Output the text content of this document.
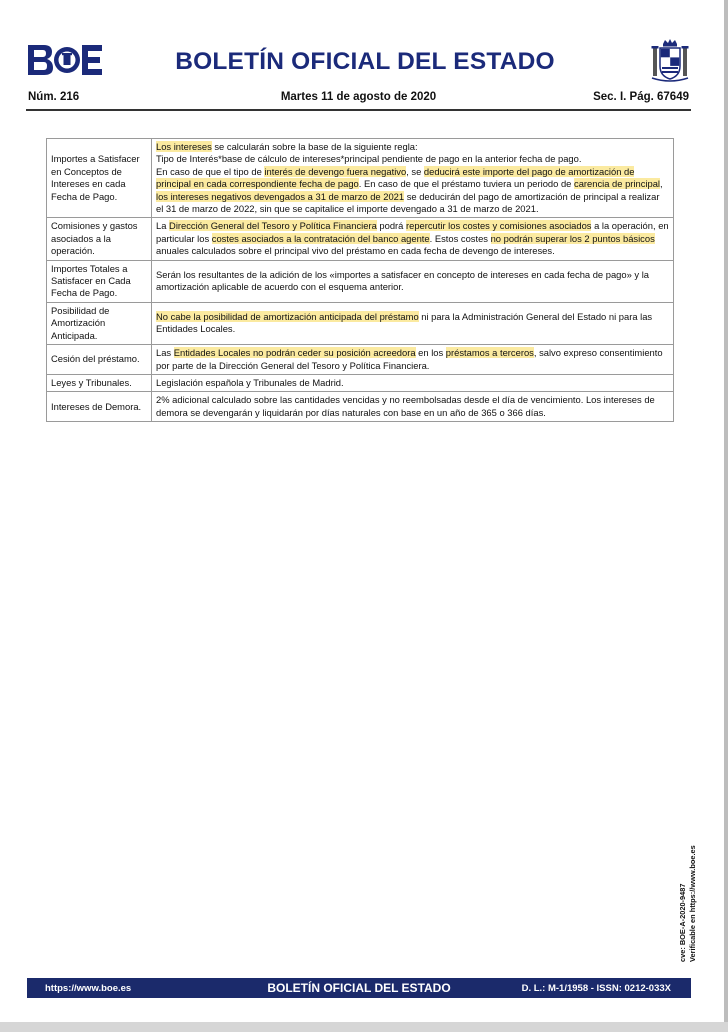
BOLETÍN OFICIAL DEL ESTADO
Núm. 216	Martes 11 de agosto de 2020	Sec. I. Pág. 67649
Importes a Satisfacer en Conceptos de Intereses en cada Fecha de Pago.	Los intereses se calcularán sobre la base de la siguiente regla:
Tipo de Interés*base de cálculo de intereses*principal pendiente de pago en la anterior fecha de pago.
En caso de que el tipo de interés de devengo fuera negativo, se deducirá este importe del pago de amortización de principal en cada correspondiente fecha de pago. En caso de que el préstamo tuviera un periodo de carencia de principal, los intereses negativos devengados a 31 de marzo de 2021 se deducirán del pago de amortización de principal a realizar el 31 de marzo de 2022, sin que se capitalice el importe devengado a 31 de marzo de 2021.
Comisiones y gastos asociados a la operación.	La Dirección General del Tesoro y Política Financiera podrá repercutir los costes y comisiones asociados a la operación, en particular los costes asociados a la contratación del banco agente. Estos costes no podrán superar los 2 puntos básicos anuales calculados sobre el principal vivo del préstamo en cada fecha de devengo de intereses.
Importes Totales a Satisfacer en Cada Fecha de Pago.	Serán los resultantes de la adición de los «importes a satisfacer en concepto de intereses en cada fecha de pago» y la amortización aplicable de acuerdo con el esquema anterior.
Posibilidad de Amortización Anticipada.	No cabe la posibilidad de amortización anticipada del préstamo ni para la Administración General del Estado ni para las Entidades Locales.
Cesión del préstamo.	Las Entidades Locales no podrán ceder su posición acreedora en los préstamos a terceros, salvo expreso consentimiento por parte de la Dirección General del Tesoro y Política Financiera.
Leyes y Tribunales.	Legislación española y Tribunales de Madrid.
Intereses de Demora.	2% adicional calculado sobre las cantidades vencidas y no reembolsadas desde el día de vencimiento. Los intereses de demora se devengarán y liquidarán por días naturales con base en un año de 365 o 366 días.
cve: BOE-A-2020-9487 Verificable en https://www.boe.es
https://www.boe.es	BOLETÍN OFICIAL DEL ESTADO	D. L.: M-1/1958 - ISSN: 0212-033X
